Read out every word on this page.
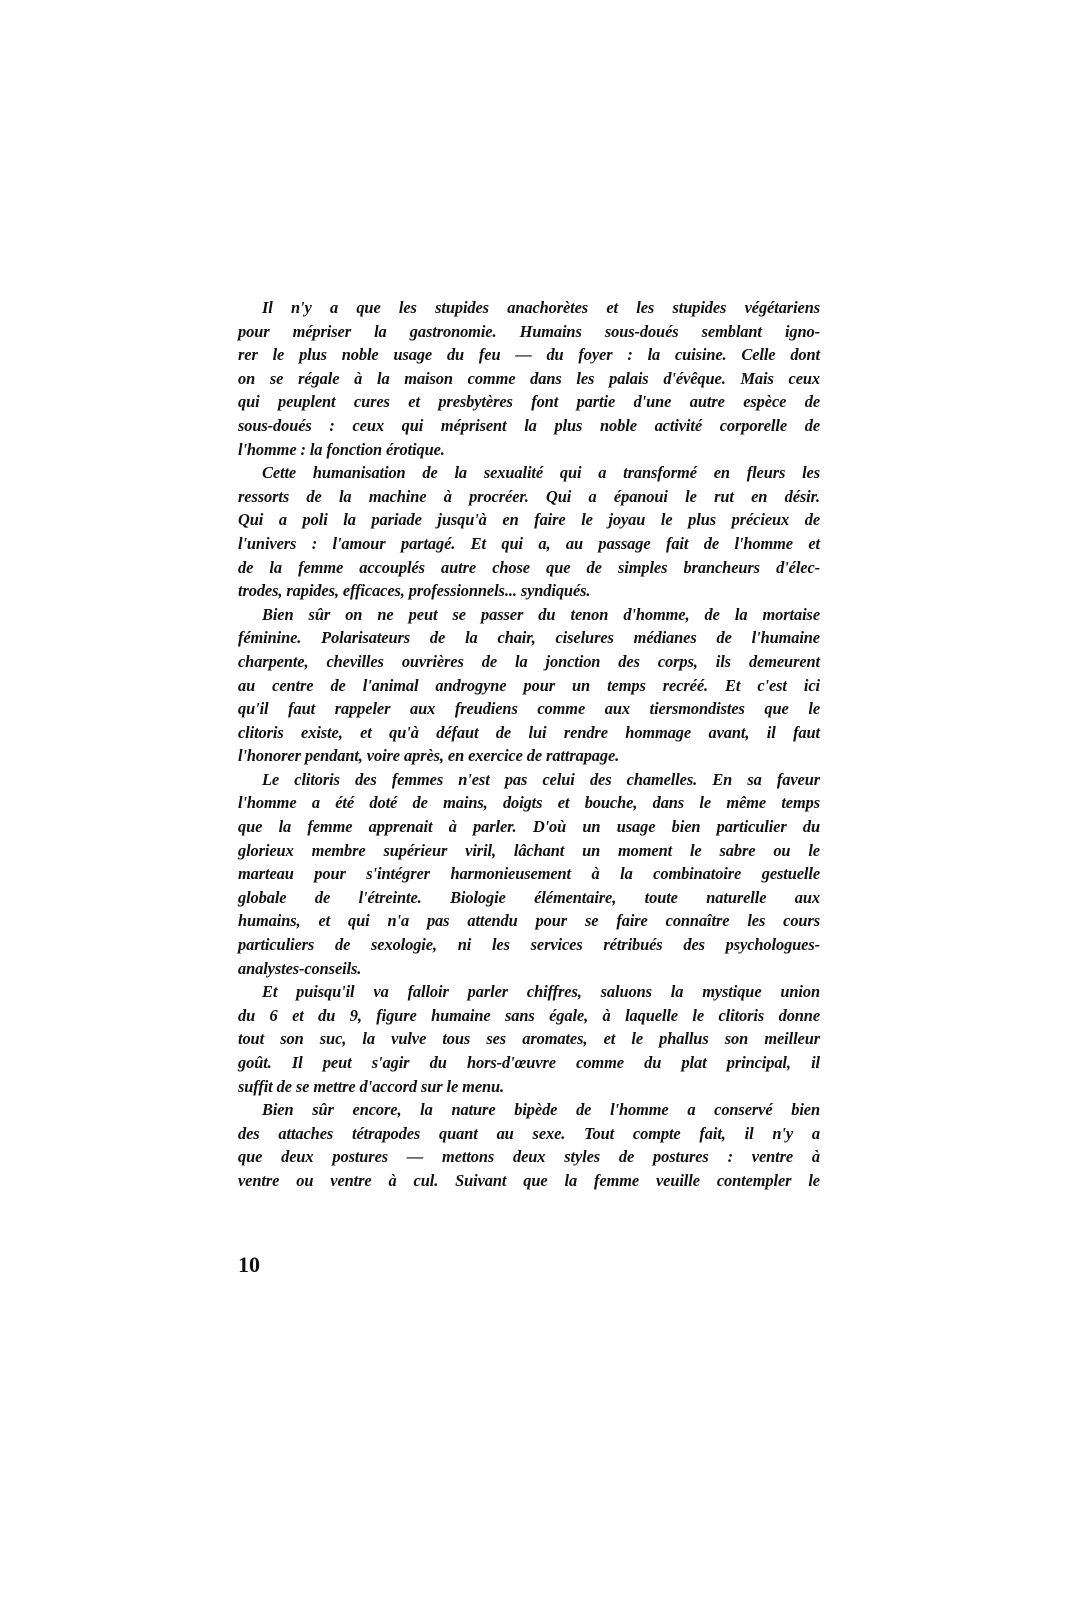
Il n'y a que les stupides anachorètes et les stupides végétariens
pour mépriser la gastronomie. Humains sous-doués semblant igno-
rer le plus noble usage du feu — du foyer : la cuisine. Celle dont
on se régale à la maison comme dans les palais d'évêque. Mais ceux
qui peuplent cures et presbytères font partie d'une autre espèce de
sous-doués : ceux qui méprisent la plus noble activité corporelle de
l'homme : la fonction érotique.
Cette humanisation de la sexualité qui a transformé en fleurs les
ressorts de la machine à procréer. Qui a épanoui le rut en désir.
Qui a poli la pariade jusqu'à en faire le joyau le plus précieux de
l'univers : l'amour partagé. Et qui a, au passage fait de l'homme et
de la femme accouplés autre chose que de simples brancheurs d'élec-
trodes, rapides, efficaces, professionnels... syndiqués.
Bien sûr on ne peut se passer du tenon d'homme, de la mortaise
féminine. Polarisateurs de la chair, ciselures médianes de l'humaine
charpente, chevilles ouvrières de la jonction des corps, ils demeurent
au centre de l'animal androgyne pour un temps recréé. Et c'est ici
qu'il faut rappeler aux freudiens comme aux tiersmondistes que le
clitoris existe, et qu'à défaut de lui rendre hommage avant, il faut
l'honorer pendant, voire après, en exercice de rattrapage.
Le clitoris des femmes n'est pas celui des chamelles. En sa faveur
l'homme a été doté de mains, doigts et bouche, dans le même temps
que la femme apprenait à parler. D'où un usage bien particulier du
glorieux membre supérieur viril, lâchant un moment le sabre ou le
marteau pour s'intégrer harmonieusement à la combinatoire gestuelle
globale de l'étreinte. Biologie élémentaire, toute naturelle aux
humains, et qui n'a pas attendu pour se faire connaître les cours
particuliers de sexologie, ni les services rétribués des psychologues-
analystes-conseils.
Et puisqu'il va falloir parler chiffres, saluons la mystique union
du 6 et du 9, figure humaine sans égale, à laquelle le clitoris donne
tout son suc, la vulve tous ses aromates, et le phallus son meilleur
goût. Il peut s'agir du hors-d'œuvre comme du plat principal, il
suffit de se mettre d'accord sur le menu.
Bien sûr encore, la nature bipède de l'homme a conservé bien
des attaches tétrapodes quant au sexe. Tout compte fait, il n'y a
que deux postures — mettons deux styles de postures : ventre à
ventre ou ventre à cul. Suivant que la femme veuille contempler le
10
